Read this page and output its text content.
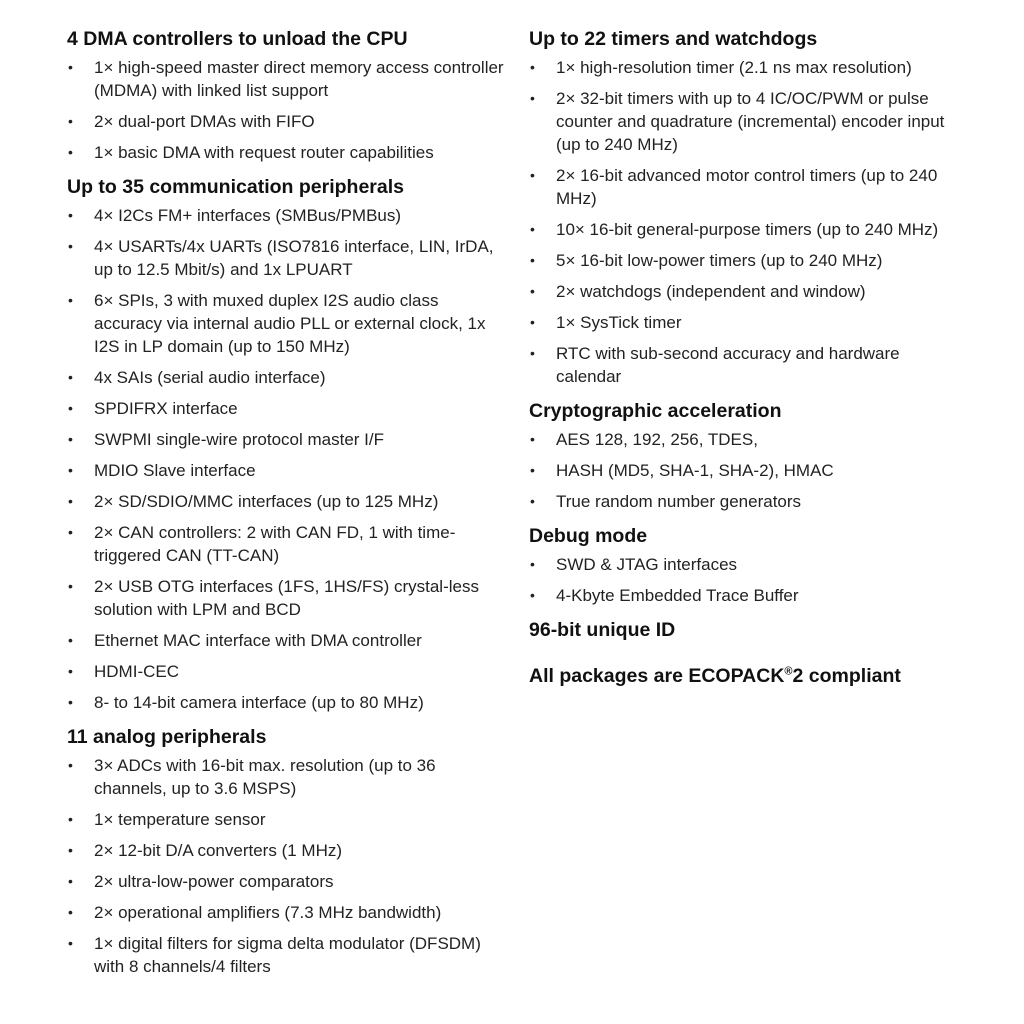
4 DMA controllers to unload the CPU
• 1× high-speed master direct memory access controller (MDMA) with linked list support
• 2× dual-port DMAs with FIFO
• 1× basic DMA with request router capabilities
Up to 35 communication peripherals
• 4× I2Cs FM+ interfaces (SMBus/PMBus)
• 4× USARTs/4x UARTs (ISO7816 interface, LIN, IrDA, up to 12.5 Mbit/s) and 1x LPUART
• 6× SPIs, 3 with muxed duplex I2S audio class accuracy via internal audio PLL or external clock, 1x I2S in LP domain (up to 150 MHz)
• 4x SAIs (serial audio interface)
• SPDIFRX interface
• SWPMI single-wire protocol master I/F
• MDIO Slave interface
• 2× SD/SDIO/MMC interfaces (up to 125 MHz)
• 2× CAN controllers: 2 with CAN FD, 1 with time-triggered CAN (TT-CAN)
• 2× USB OTG interfaces (1FS, 1HS/FS) crystal-less solution with LPM and BCD
• Ethernet MAC interface with DMA controller
• HDMI-CEC
• 8- to 14-bit camera interface (up to 80 MHz)
11 analog peripherals
• 3× ADCs with 16-bit max. resolution (up to 36 channels, up to 3.6 MSPS)
• 1× temperature sensor
• 2× 12-bit D/A converters (1 MHz)
• 2× ultra-low-power comparators
• 2× operational amplifiers (7.3 MHz bandwidth)
• 1× digital filters for sigma delta modulator (DFSDM) with 8 channels/4 filters
Up to 22 timers and watchdogs
• 1× high-resolution timer (2.1 ns max resolution)
• 2× 32-bit timers with up to 4 IC/OC/PWM or pulse counter and quadrature (incremental) encoder input (up to 240 MHz)
• 2× 16-bit advanced motor control timers (up to 240 MHz)
• 10× 16-bit general-purpose timers (up to 240 MHz)
• 5× 16-bit low-power timers (up to 240 MHz)
• 2× watchdogs (independent and window)
• 1× SysTick timer
• RTC with sub-second accuracy and hardware calendar
Cryptographic acceleration
• AES 128, 192, 256, TDES,
• HASH (MD5, SHA-1, SHA-2), HMAC
• True random number generators
Debug mode
• SWD & JTAG interfaces
• 4-Kbyte Embedded Trace Buffer
96-bit unique ID
All packages are ECOPACK®2 compliant
